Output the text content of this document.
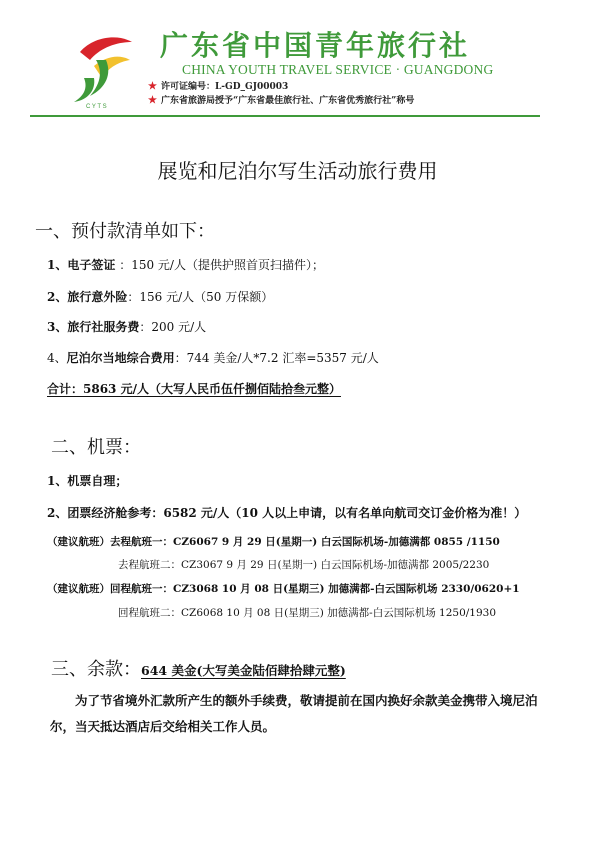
C Y T S
广东省中国青年旅行社
CHINA YOUTH TRAVEL SERVICE · GUANGDONG
★ 许可证编号：L-GD_GJ00003
★ 广东省旅游局授予“广东省最佳旅行社、广东省优秀旅行社”称号
展览和尼泊尔写生活动旅行费用
一、预付款清单如下：
1、电子签证 ：150 元/人（提供护照首页扫描件）；
2、旅行意外险：156 元/人（50 万保额）
3、旅行社服务费：200 元/人
4、尼泊尔当地综合费用：744 美金/人*7.2 汇率=5357 元/人
合计：5863 元/人（大写人民币伍仟捌佰陆拾叁元整）
二、机票：
1、机票自理；
2、团票经济舱参考：6582 元/人（10 人以上申请，以有名单向航司交订金价格为准！）
（建议航班）去程航班一：CZ6067 9 月 29 日(星期一) 白云国际机场-加德满都 0855 /1150
去程航班二：CZ3067 9 月 29 日(星期一) 白云国际机场-加德满都 2005/2230
（建议航班）回程航班一：CZ3068 10 月 08 日(星期三) 加德满都-白云国际机场 2330/0620+1
回程航班二：CZ6068 10 月 08 日(星期三) 加德满都-白云国际机场 1250/1930
三、余款：644 美金(大写美金陆佰肆拾肆元整)
为了节省境外汇款所产生的额外手续费，敬请提前在国内换好余款美金携带入境尼泊尔，当天抵达酒店后交给相关工作人员。
